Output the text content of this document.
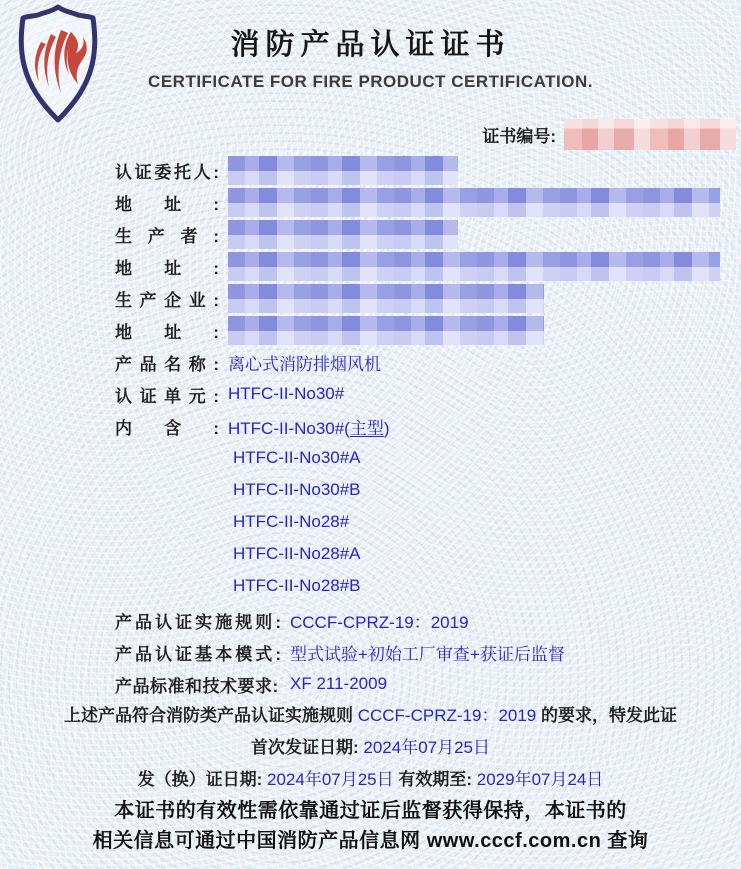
消防产品认证证书
CERTIFICATE FOR FIRE PRODUCT CERTIFICATION.
证书编号:
认证委托人:
地址:
生产者:
地址:
生产企业:
地址:
产品名称: 离心式消防排烟风机
认证单元: HTFC-II-No30#
内含: HTFC-II-No30#(主型)
HTFC-II-No30#A
HTFC-II-No30#B
HTFC-II-No28#
HTFC-II-No28#A
HTFC-II-No28#B
产品认证实施规则: CCCF-CPRZ-19：2019
产品认证基本模式: 型式试验+初始工厂审查+获证后监督
产品标准和技术要求: XF 211-2009
上述产品符合消防类产品认证实施规则 CCCF-CPRZ-19：2019 的要求，特发此证
首次发证日期: 2024年07月25日
发（换）证日期: 2024年07月25日 有效期至: 2029年07月24日
本证书的有效性需依靠通过证后监督获得保持，本证书的
相关信息可通过中国消防产品信息网 www.cccf.com.cn 查询
